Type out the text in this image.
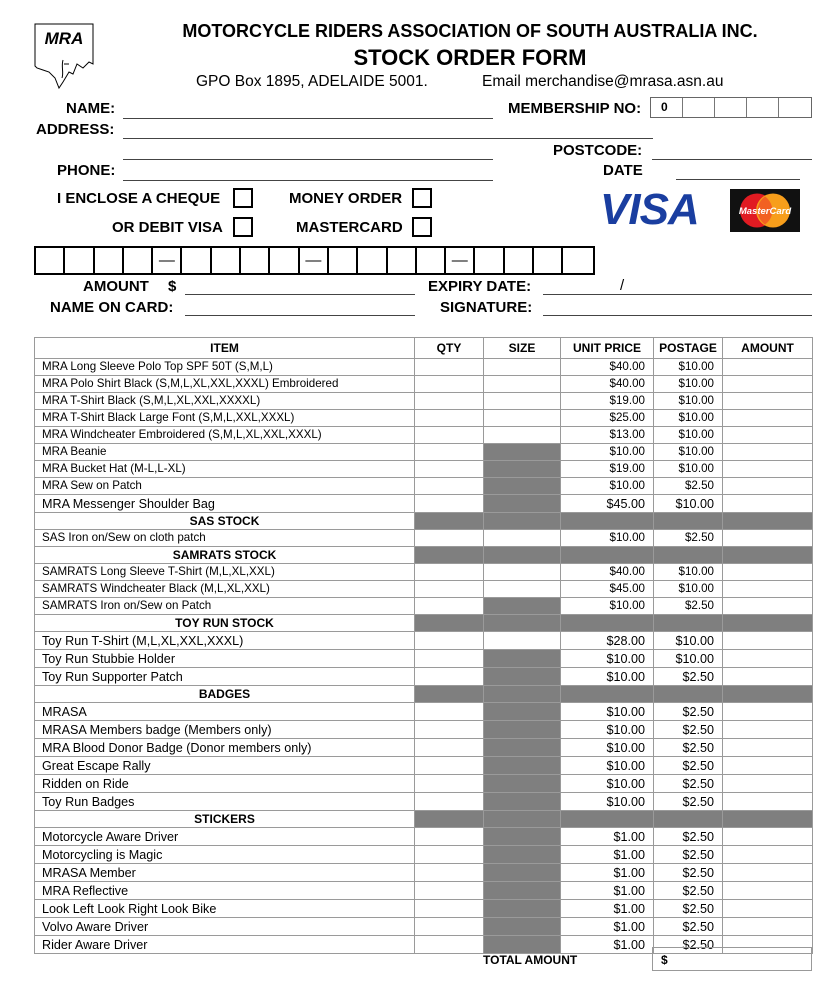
MRA	MOTORCYCLE RIDERS ASSOCIATION OF SOUTH AUSTRALIA INC.
STOCK ORDER FORM
GPO Box 1895, ADELAIDE 5001.	Email merchandise@mrasa.asn.au
NAME:
ADDRESS:
PHONE:
MEMBERSHIP NO:	0
POSTCODE:
DATE
I ENCLOSE A CHEQUE	MONEY ORDER
OR DEBIT VISA	MASTERCARD	VISA	MasterCard
—	—	—
AMOUNT $	EXPIRY DATE:	/
NAME ON CARD:	SIGNATURE:
ITEM	QTY	SIZE	UNIT PRICE	POSTAGE	AMOUNT
MRA Long Sleeve Polo Top SPF 50T (S,M,L)			$40.00	$10.00	
MRA Polo Shirt Black (S,M,L,XL,XXL,XXXL) Embroidered			$40.00	$10.00	
MRA T-Shirt Black (S,M,L,XL,XXL,XXXXL)			$19.00	$10.00	
MRA T-Shirt Black Large Font (S,M,L,XXL,XXXL)			$25.00	$10.00	
MRA Windcheater Embroidered (S,M,L,XL,XXL,XXXL)			$13.00	$10.00	
MRA Beanie			$10.00	$10.00	
MRA Bucket Hat (M-L,L-XL)			$19.00	$10.00	
MRA Sew on Patch			$10.00	$2.50	
MRA Messenger Shoulder Bag			$45.00	$10.00	
SAS STOCK					
SAS Iron on/Sew on cloth patch			$10.00	$2.50	
SAMRATS STOCK					
SAMRATS Long Sleeve T-Shirt (M,L,XL,XXL)			$40.00	$10.00	
SAMRATS Windcheater Black (M,L,XL,XXL)			$45.00	$10.00	
SAMRATS Iron on/Sew on Patch			$10.00	$2.50	
TOY RUN STOCK					
Toy Run T-Shirt (M,L,XL,XXL,XXXL)			$28.00	$10.00	
Toy Run Stubbie Holder			$10.00	$10.00	
Toy Run Supporter Patch			$10.00	$2.50	
BADGES					
MRASA			$10.00	$2.50	
MRASA Members badge (Members only)			$10.00	$2.50	
MRA Blood Donor Badge (Donor members only)			$10.00	$2.50	
Great Escape Rally			$10.00	$2.50	
Ridden on Ride			$10.00	$2.50	
Toy Run Badges			$10.00	$2.50	
STICKERS					
Motorcycle Aware Driver			$1.00	$2.50	
Motorcycling is Magic			$1.00	$2.50	
MRASA Member			$1.00	$2.50	
MRA Reflective			$1.00	$2.50	
Look Left Look Right Look Bike			$1.00	$2.50	
Volvo Aware Driver			$1.00	$2.50	
Rider Aware Driver			$1.00	$2.50	
TOTAL AMOUNT	$
